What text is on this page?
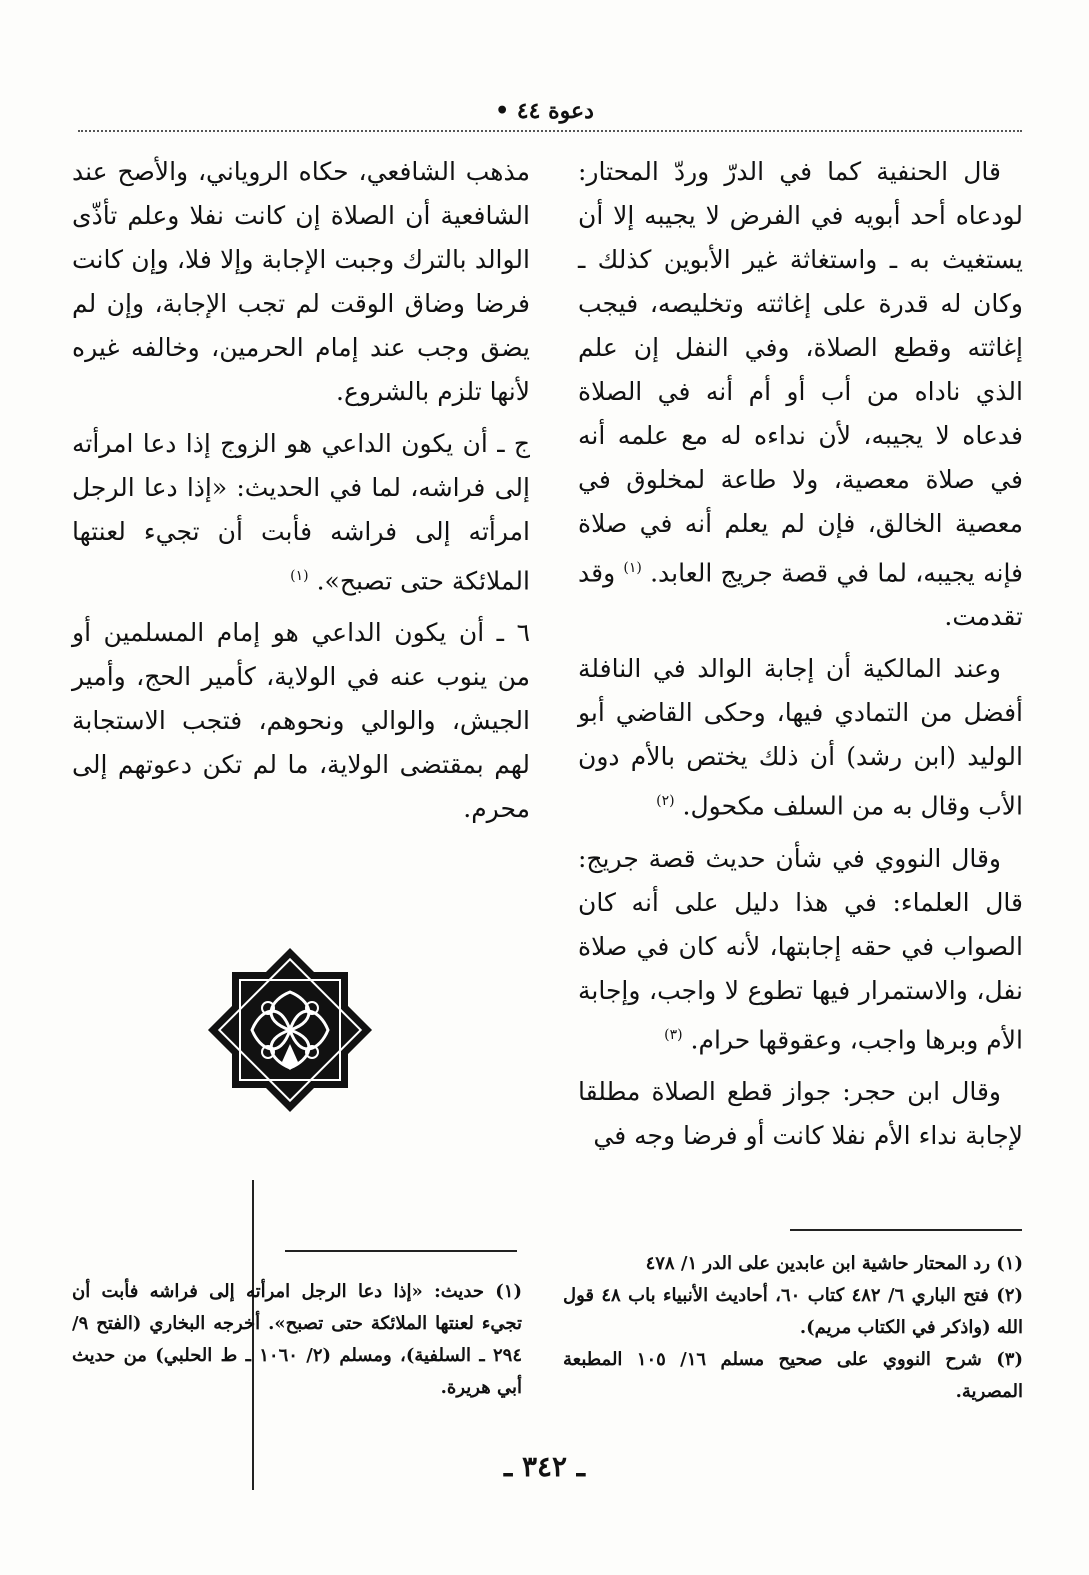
• دعوة ٤٤

قال الحنفية كما في الدرّ وردّ المحتار: لودعاه أحد أبويه في الفرض لا يجيبه إلا أن يستغيث به ـ واستغاثة غير الأبوين كذلك ـ وكان له قدرة على إغاثته وتخليصه، فيجب إغاثته وقطع الصلاة، وفي النفل إن علم الذي ناداه من أب أو أم أنه في الصلاة فدعاه لا يجيبه، لأن نداءه له مع علمه أنه في صلاة معصية، ولا طاعة لمخلوق في معصية الخالق، فإن لم يعلم أنه في صلاة فإنه يجيبه، لما في قصة جريج العابد. $^{(١)}$ وقد تقدمت.

وعند المالكية أن إجابة الوالد في النافلة أفضل من التمادي فيها، وحكى القاضي أبو الوليد (ابن رشد) أن ذلك يختص بالأم دون الأب وقال به من السلف مكحول. $^{(٢)}$

وقال النووي في شأن حديث قصة جريج: قال العلماء: في هذا دليل على أنه كان الصواب في حقه إجابتها، لأنه كان في صلاة نفل، والاستمرار فيها تطوع لا واجب، وإجابة الأم وبرها واجب، وعقوقها حرام. $^{(٣)}$

وقال ابن حجر: جواز قطع الصلاة مطلقا لإجابة نداء الأم نفلا كانت أو فرضا وجه في

مذهب الشافعي، حكاه الروياني، والأصح عند الشافعية أن الصلاة إن كانت نفلا وعلم تأذّى الوالد بالترك وجبت الإجابة وإلا فلا، وإن كانت فرضا وضاق الوقت لم تجب الإجابة، وإن لم يضق وجب عند إمام الحرمين، وخالفه غيره لأنها تلزم بالشروع.

ج ـ أن يكون الداعي هو الزوج إذا دعا امرأته إلى فراشه، لما في الحديث: «إذا دعا الرجل امرأته إلى فراشه فأبت أن تجيء لعنتها الملائكة حتى تصبح». $^{(١)}$

٦ ـ أن يكون الداعي هو إمام المسلمين أو من ينوب عنه في الولاية، كأمير الحج، وأمير الجيش، والوالي ونحوهم، فتجب الاستجابة لهم بمقتضى الولاية، ما لم تكن دعوتهم إلى محرم.

(١) رد المحتار حاشية ابن عابدين على الدر ١/ ٤٧٨

(٢) فتح الباري ٦/ ٤٨٢ كتاب ٦٠، أحاديث الأنبياء باب ٤٨ قول الله (واذكر في الكتاب مريم).

(٣) شرح النووي على صحيح مسلم ١٦/ ١٠٥ المطبعة المصرية.

(١) حديث: «إذا دعا الرجل امرأته إلى فراشه فأبت أن تجيء لعنتها الملائكة حتى تصبح». أخرجه البخاري (الفتح ٩/ ٢٩٤ ـ السلفية)، ومسلم (٢/ ١٠٦٠ ـ ط الحلبي) من حديث أبي هريرة.

ـ ٣٤٢ ـ
